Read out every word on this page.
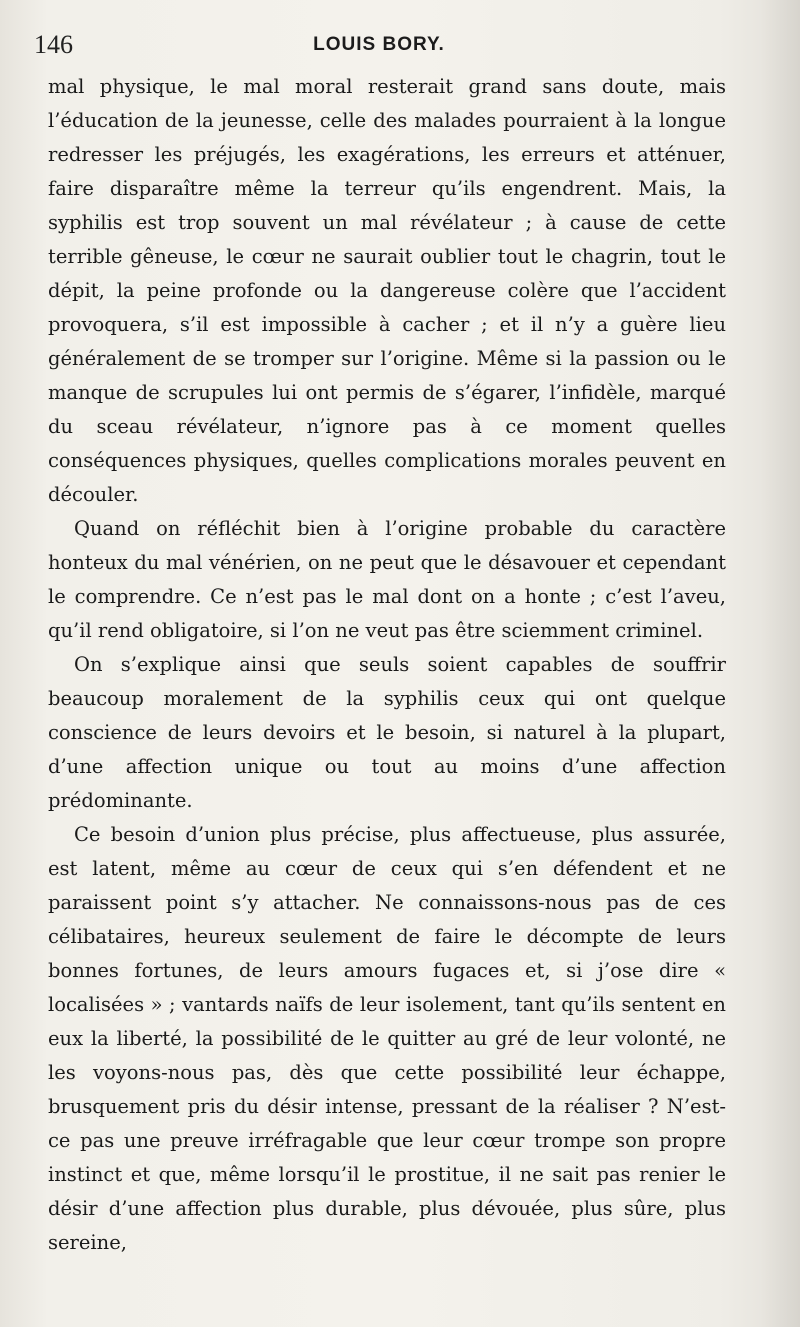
146	LOUIS BORY.

mal physique, le mal moral resterait grand sans doute, mais l’éducation de la jeunesse, celle des malades pourraient à la longue redresser les préjugés, les exagérations, les erreurs et atténuer, faire disparaître même la terreur qu’ils engendrent. Mais, la syphilis est trop souvent un mal révélateur ; à cause de cette terrible gêneuse, le cœur ne saurait oublier tout le chagrin, tout le dépit, la peine profonde ou la dangereuse colère que l’accident provoquera, s’il est impossible à cacher ; et il n’y a guère lieu généralement de se tromper sur l’origine. Même si la passion ou le manque de scrupules lui ont permis de s’égarer, l’infidèle, marqué du sceau révélateur, n’ignore pas à ce moment quelles conséquences physiques, quelles complications morales peuvent en découler.

Quand on réfléchit bien à l’origine probable du caractère honteux du mal vénérien, on ne peut que le désavouer et cependant le comprendre. Ce n’est pas le mal dont on a honte ; c’est l’aveu, qu’il rend obligatoire, si l’on ne veut pas être sciemment criminel.

On s’explique ainsi que seuls soient capables de souffrir beaucoup moralement de la syphilis ceux qui ont quelque conscience de leurs devoirs et le besoin, si naturel à la plupart, d’une affection unique ou tout au moins d’une affection prédominante.

Ce besoin d’union plus précise, plus affectueuse, plus assurée, est latent, même au cœur de ceux qui s’en défendent et ne paraissent point s’y attacher. Ne connaissons-nous pas de ces célibataires, heureux seulement de faire le décompte de leurs bonnes fortunes, de leurs amours fugaces et, si j’ose dire « localisées » ; vantards naïfs de leur isolement, tant qu’ils sentent en eux la liberté, la possibilité de le quitter au gré de leur volonté, ne les voyons-nous pas, dès que cette possibilité leur échappe, brusquement pris du désir intense, pressant de la réaliser ? N’est-ce pas une preuve irréfragable que leur cœur trompe son propre instinct et que, même lorsqu’il le prostitue, il ne sait pas renier le désir d’une affection plus durable, plus dévouée, plus sûre, plus sereine,
